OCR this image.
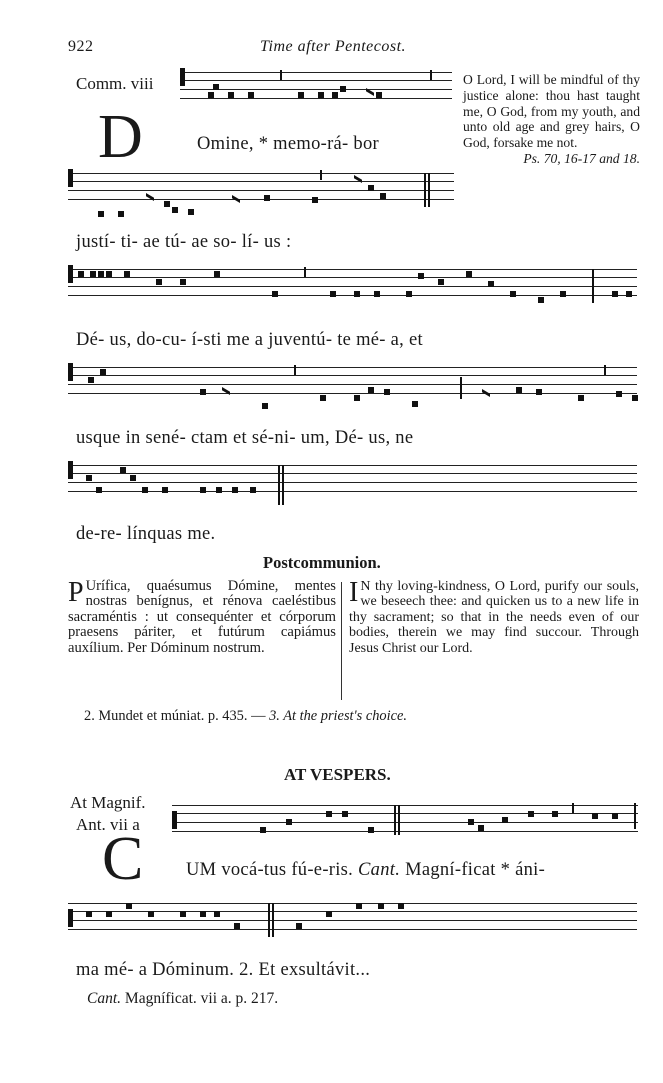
922	Time after Pentecost.
Comm. viii
D	Omine, * memo-rá- bor
O Lord, I will be mindful of thy justice alone: thou hast taught me, O God, from my youth, and unto old age and grey hairs, O God, forsake me not.
Ps. 70, 16-17 and 18.
justí- ti- ae tú- ae so- lí- us :
Dé- us, do-cu- í-sti me a juventú- te mé- a, et
usque in sené- ctam et sé-ni- um, Dé- us, ne
de-re- línquas me.
Postcommunion.
P Urífica, quaésumus Dómine, mentes nostras benígnus, et rénova caeléstibus sacraméntis : ut consequénter et córporum praesens páriter, et futúrum capiámus auxílium. Per Dóminum nostrum.
I N thy loving-kindness, O Lord, purify our souls, we beseech thee: and quicken us to a new life in thy sacrament; so that in the needs even of our bodies, therein we may find succour. Through Jesus Christ our Lord.
2. Mundet et múniat. p. 435. — 3. At the priest's choice.
AT VESPERS.
At Magnif.
Ant. vii a
C UM vocá-tus fú-e-ris. Cant. Magní-ficat * áni-
ma mé- a Dóminum. 2. Et exsultávit...
Cant. Magníficat. vii a. p. 217.
